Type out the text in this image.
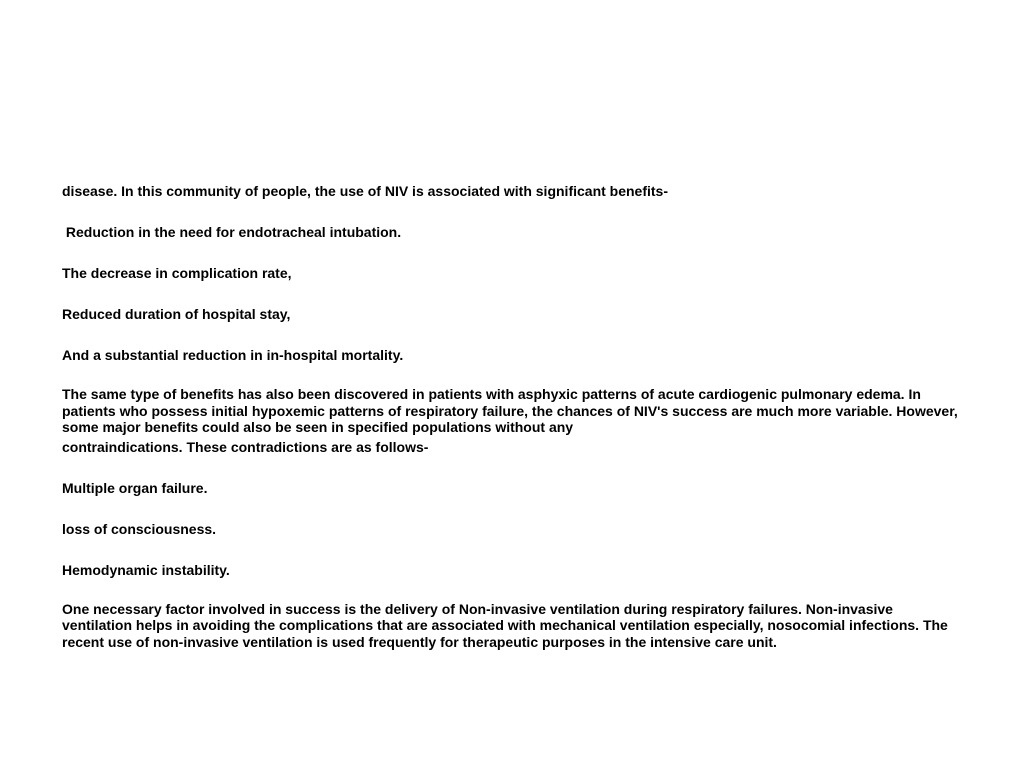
disease. In this community of people, the use of NIV is associated with significant benefits-
Reduction in the need for endotracheal intubation.
The decrease in complication rate,
Reduced duration of hospital stay,
And a substantial reduction in in-hospital mortality.
The same type of benefits has also been discovered in patients with asphyxic patterns of acute cardiogenic pulmonary edema. In patients who possess initial hypoxemic patterns of respiratory failure, the chances of NIV's success are much more variable. However, some major benefits could also be seen in specified populations without any
contraindications. These contradictions are as follows-
Multiple organ failure.
loss of consciousness.
Hemodynamic instability.
One necessary factor involved in success is the delivery of Non-invasive ventilation during respiratory failures. Non-invasive ventilation helps in avoiding the complications that are associated with mechanical ventilation especially, nosocomial infections. The recent use of non-invasive ventilation is used frequently for therapeutic purposes in the intensive care unit.
